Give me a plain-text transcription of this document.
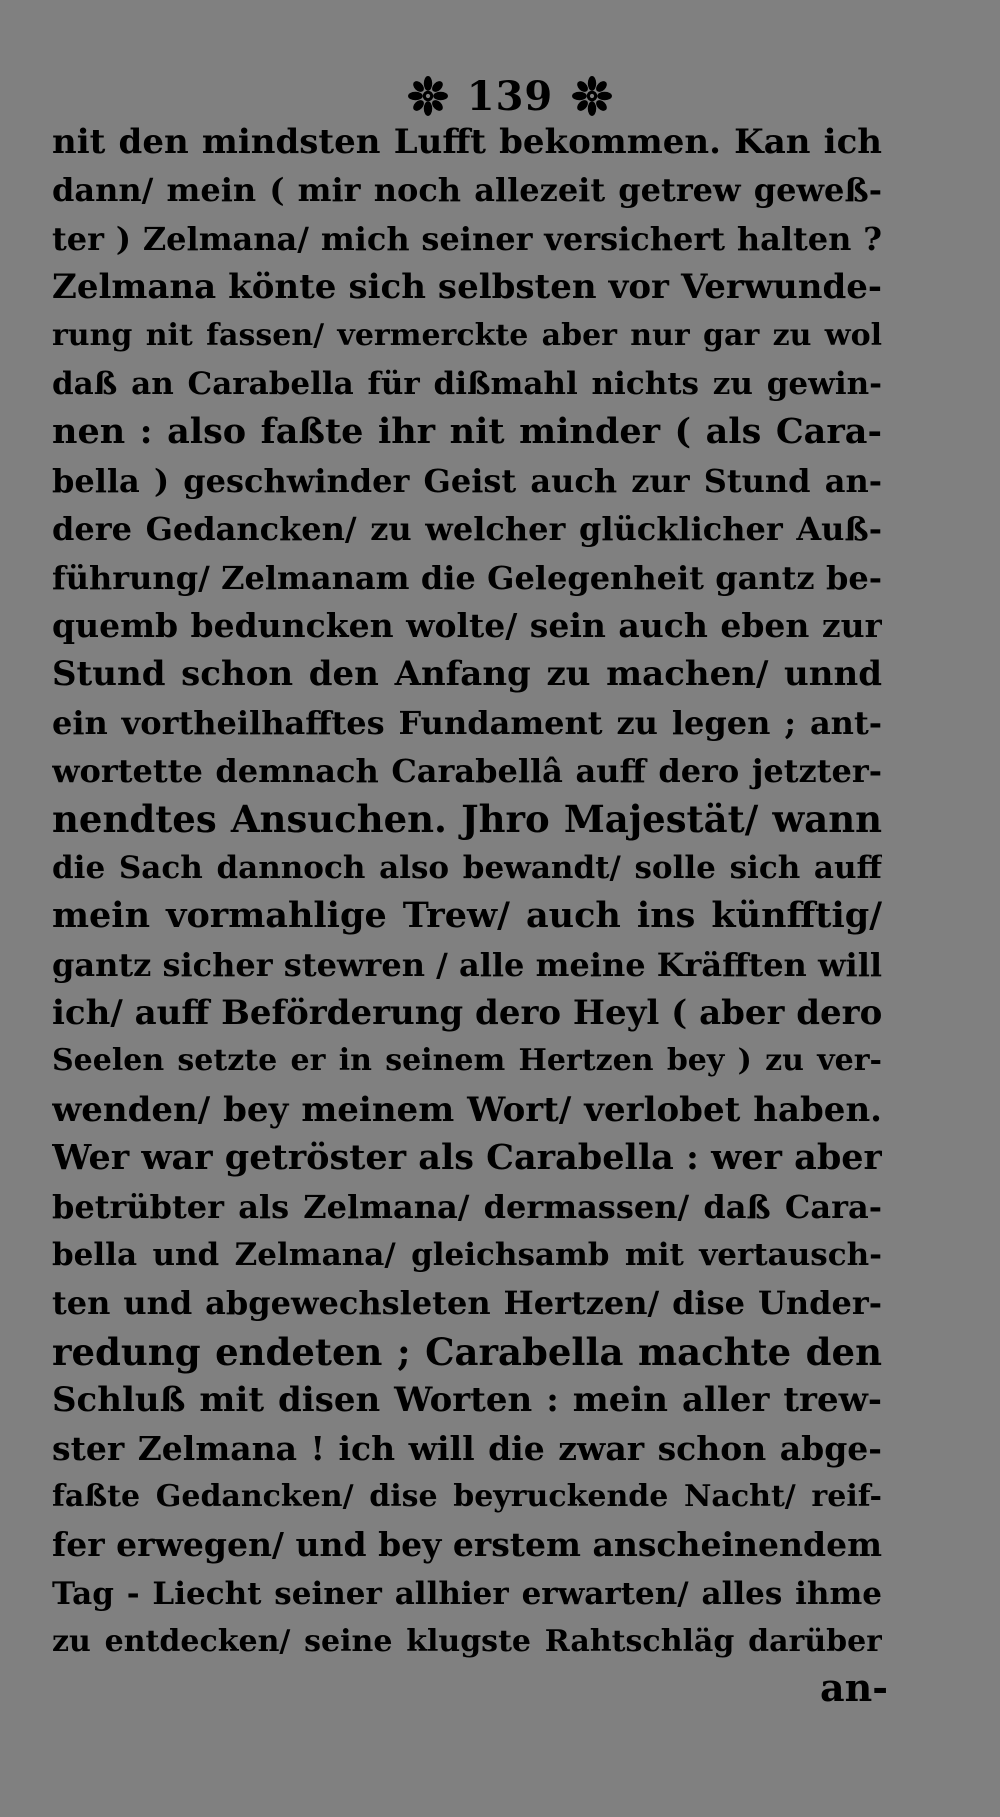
139
nit den mindsten Lufft bekommen. Kan ich
dann/ mein ( mir noch allezeit getrew geweß-
ter ) Zelmana/ mich seiner versichert halten ?
Zelmana könte sich selbsten vor Verwunde-
rung nit fassen/ vermerckte aber nur gar zu wol
daß an Carabella für dißmahl nichts zu gewin-
nen : also faßte ihr nit minder ( als Cara-
bella ) geschwinder Geist auch zur Stund an-
dere Gedancken/ zu welcher glücklicher Auß-
führung/ Zelmanam die Gelegenheit gantz be-
quemb beduncken wolte/ sein auch eben zur
Stund schon den Anfang zu machen/ unnd
ein vortheilhafftes Fundament zu legen ; ant-
wortette demnach Carabellâ auff dero jetzter-
nendtes Ansuchen. Jhro Majestät/ wann
die Sach dannoch also bewandt/ solle sich auff
mein vormahlige Trew/ auch ins künfftig/
gantz sicher stewren / alle meine Kräfften will
ich/ auff Beförderung dero Heyl ( aber dero
Seelen setzte er in seinem Hertzen bey ) zu ver-
wenden/ bey meinem Wort/ verlobet haben.
Wer war getröster als Carabella : wer aber
betrübter als Zelmana/ dermassen/ daß Cara-
bella und Zelmana/ gleichsamb mit vertausch-
ten und abgewechsleten Hertzen/ dise Under-
redung endeten ; Carabella machte den
Schluß mit disen Worten : mein aller trew-
ster Zelmana ! ich will die zwar schon abge-
faßte Gedancken/ dise beyruckende Nacht/ reif-
fer erwegen/ und bey erstem anscheinendem
Tag - Liecht seiner allhier erwarten/ alles ihme
zu entdecken/ seine klugste Rahtschläg darüber
an-
